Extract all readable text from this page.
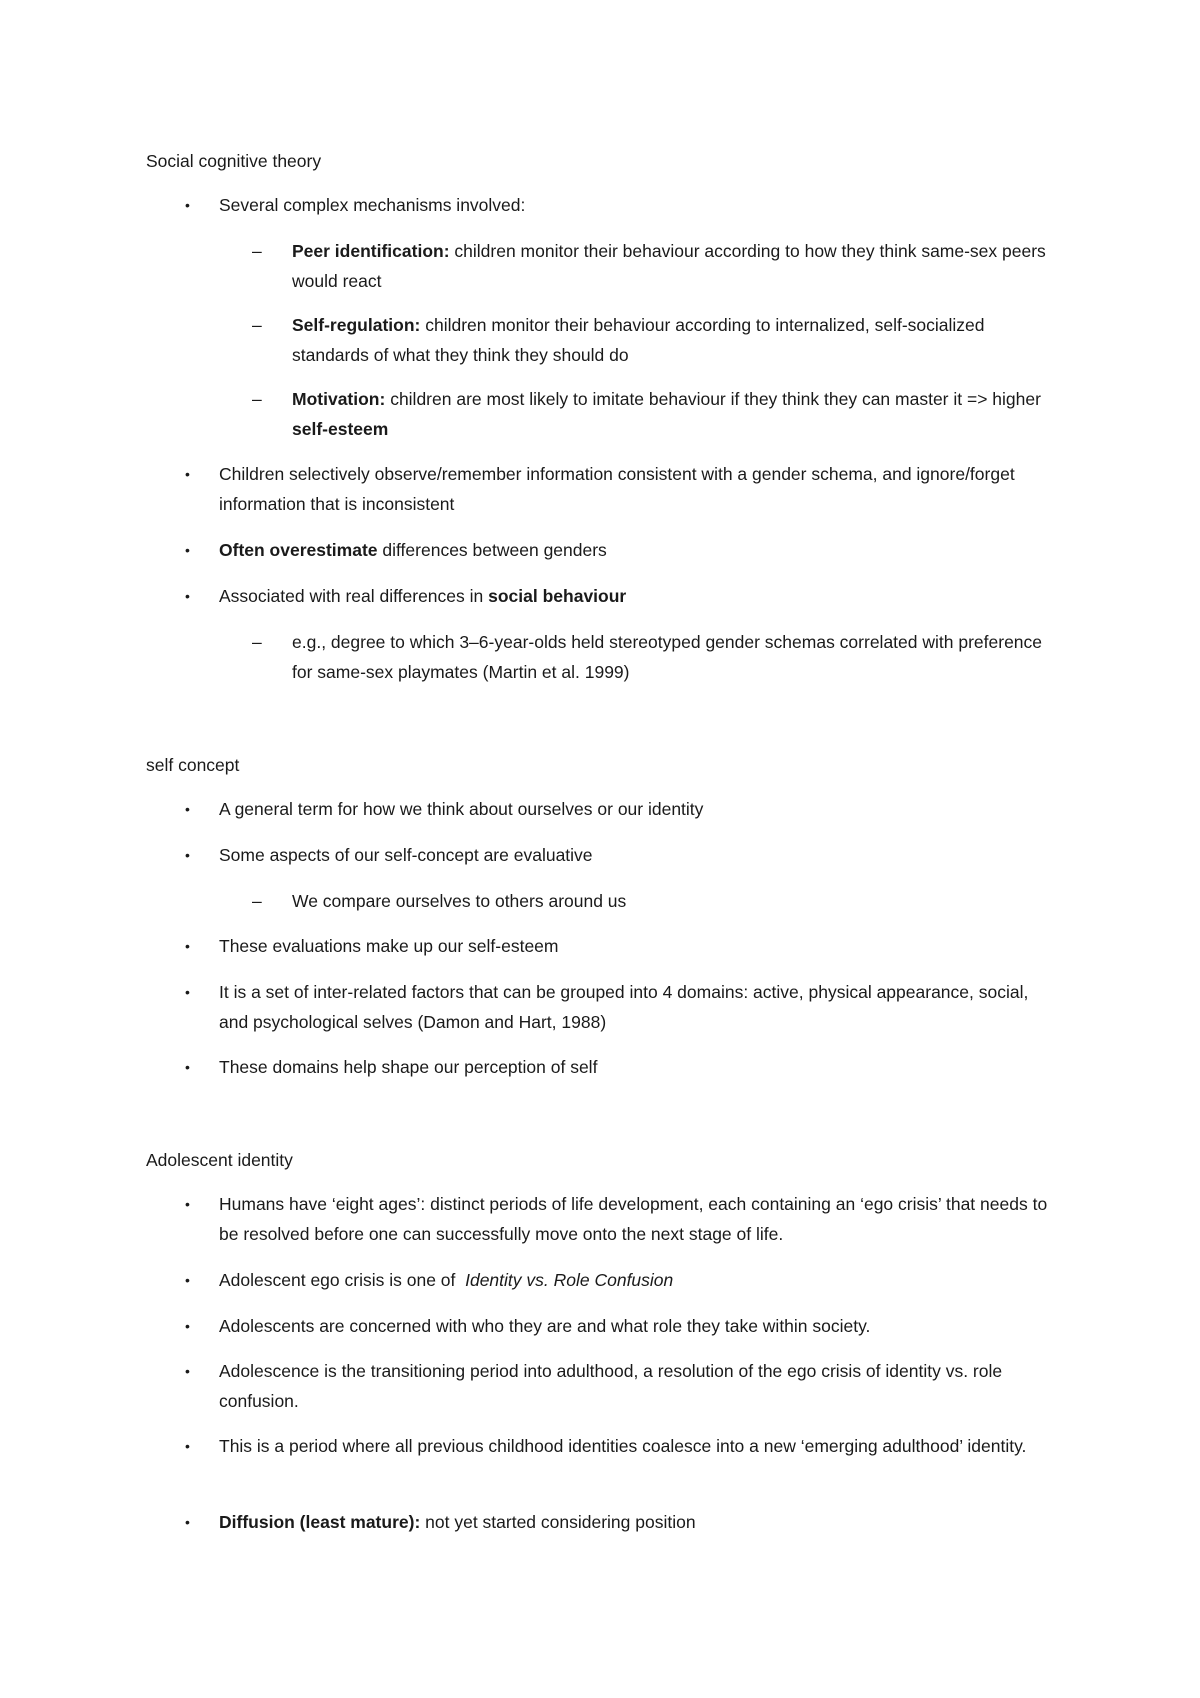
Social cognitive theory
• Several complex mechanisms involved:
– Peer identification: children monitor their behaviour according to how they think same-sex peers would react
– Self-regulation: children monitor their behaviour according to internalized, self-socialized standards of what they think they should do
– Motivation: children are most likely to imitate behaviour if they think they can master it => higher self-esteem
• Children selectively observe/remember information consistent with a gender schema, and ignore/forget information that is inconsistent
• Often overestimate differences between genders
• Associated with real differences in social behaviour
– e.g., degree to which 3–6-year-olds held stereotyped gender schemas correlated with preference for same-sex playmates (Martin et al. 1999)
self concept
• A general term for how we think about ourselves or our identity
• Some aspects of our self-concept are evaluative
– We compare ourselves to others around us
• These evaluations make up our self-esteem
• It is a set of inter-related factors that can be grouped into 4 domains: active, physical appearance, social, and psychological selves (Damon and Hart, 1988)
• These domains help shape our perception of self
Adolescent identity
• Humans have ‘eight ages’: distinct periods of life development, each containing an ‘ego crisis’ that needs to be resolved before one can successfully move onto the next stage of life.
• Adolescent ego crisis is one of  Identity vs. Role Confusion
• Adolescents are concerned with who they are and what role they take within society.
• Adolescence is the transitioning period into adulthood, a resolution of the ego crisis of identity vs. role confusion.
• This is a period where all previous childhood identities coalesce into a new ‘emerging adulthood’ identity.
• Diffusion (least mature): not yet started considering position
